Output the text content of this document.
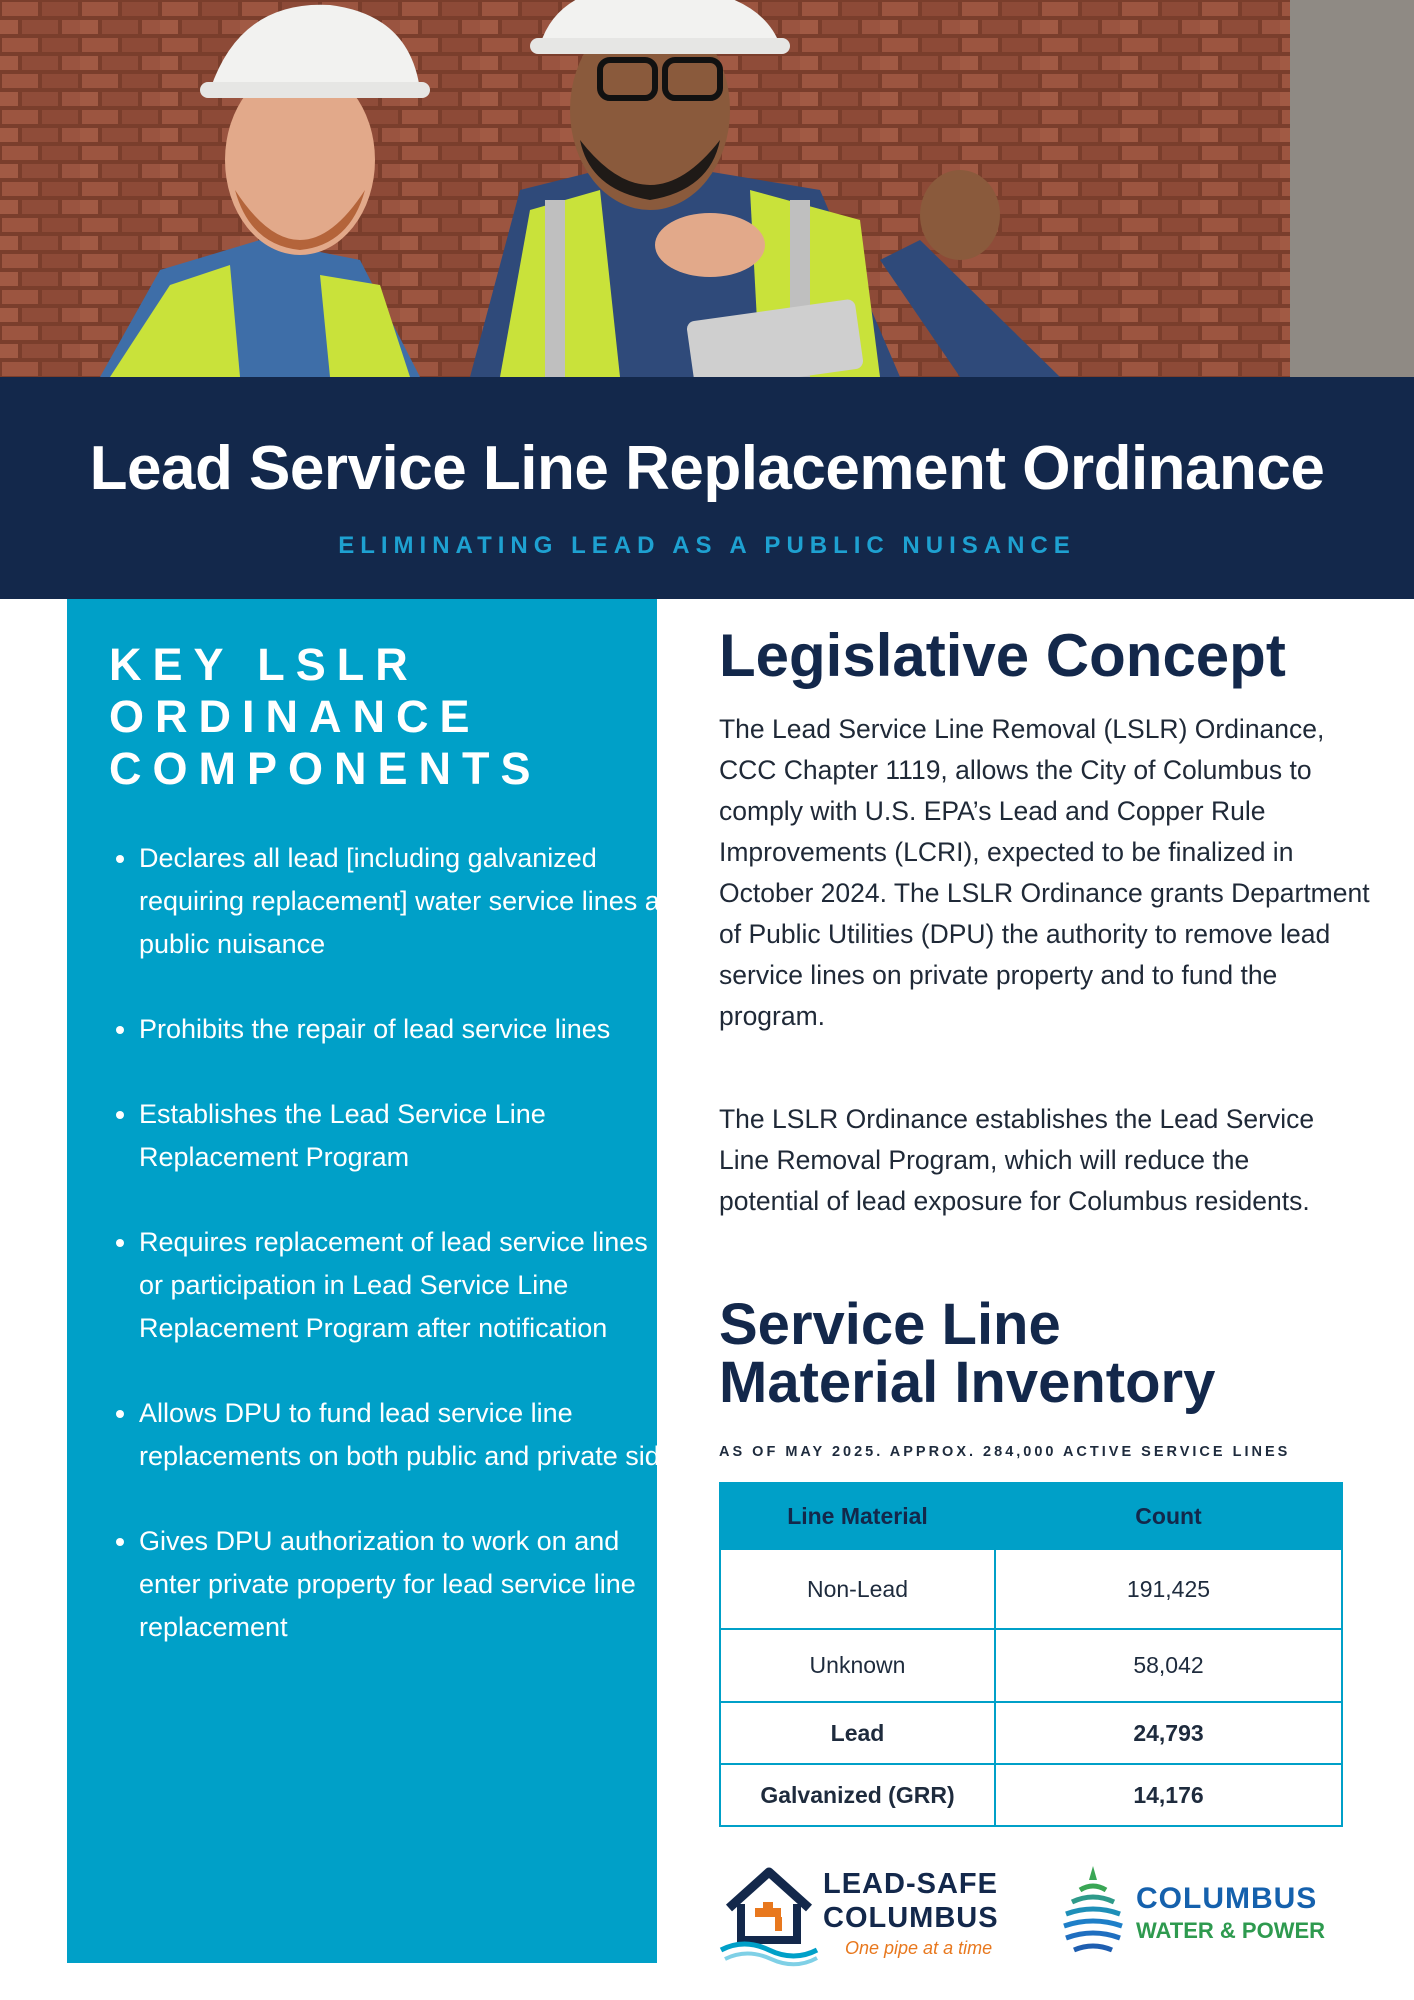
Lead Service Line Replacement Ordinance
ELIMINATING LEAD AS A PUBLIC NUISANCE
KEY LSLR
ORDINANCE
COMPONENTS
• Declares all lead [including galvanized requiring replacement] water service lines a public nuisance
• Prohibits the repair of lead service lines
• Establishes the Lead Service Line Replacement Program
• Requires replacement of lead service lines or participation in Lead Service Line Replacement Program after notification
• Allows DPU to fund lead service line replacements on both public and private side
• Gives DPU authorization to work on and enter private property for lead service line replacement
Legislative Concept

The Lead Service Line Removal (LSLR) Ordinance, CCC Chapter 1119, allows the City of Columbus to comply with U.S. EPA’s Lead and Copper Rule Improvements (LCRI), expected to be finalized in October 2024. The LSLR Ordinance grants Department of Public Utilities (DPU) the authority to remove lead service lines on private property and to fund the program.

The LSLR Ordinance establishes the Lead Service Line Removal Program, which will reduce the potential of lead exposure for Columbus residents.

Service Line
Material Inventory
AS OF MAY 2025. APPROX. 284,000 ACTIVE SERVICE LINES
Line Material	Count
Non-Lead	191,425
Unknown	58,042
Lead	24,793
Galvanized (GRR)	14,176
LEAD-SAFE
COLUMBUS
One pipe at a time
COLUMBUS
WATER & POWER
